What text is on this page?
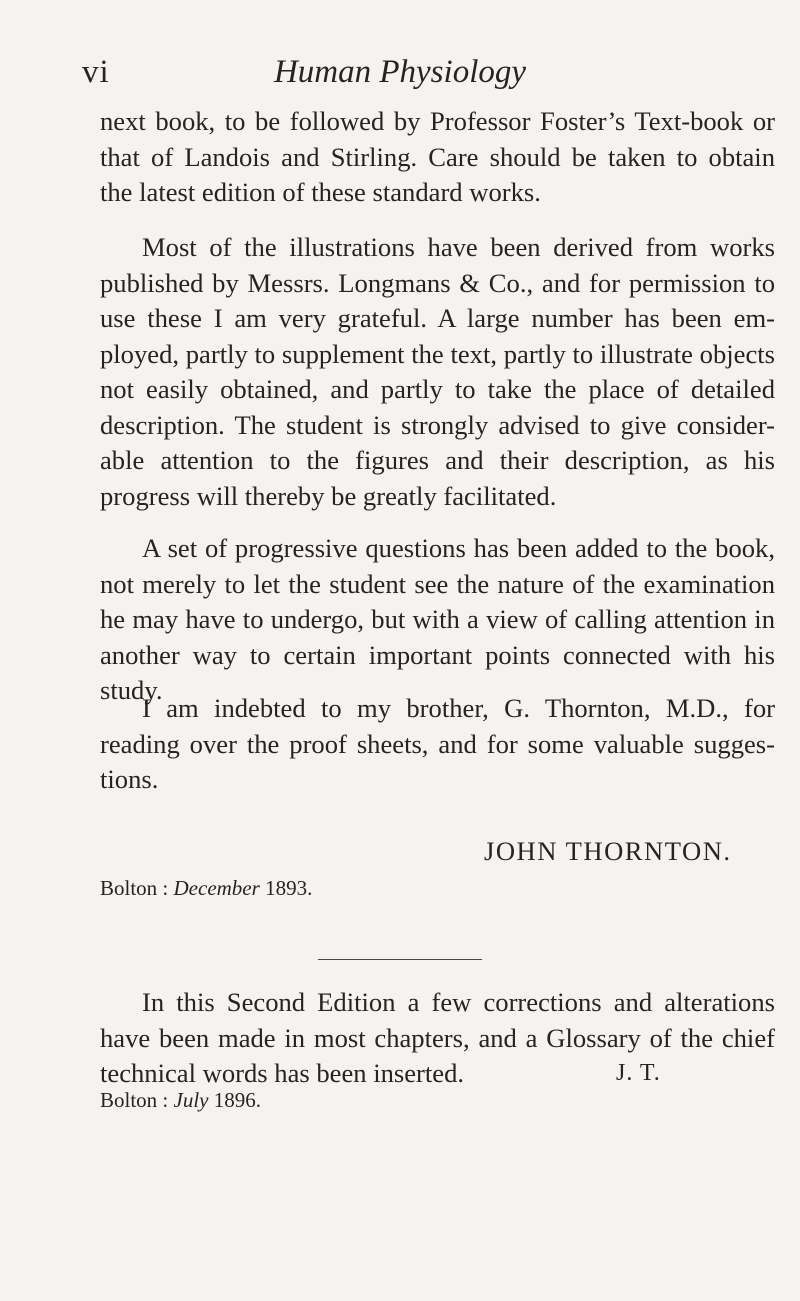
vi	Human Physiology

next book, to be followed by Professor Foster’s Text-book or
that of Landois and Stirling. Care should be taken to obtain
the latest edition of these standard works.

Most of the illustrations have been derived from works
published by Messrs. Longmans & Co., and for permission to
use these I am very grateful. A large number has been em-
ployed, partly to supplement the text, partly to illustrate objects
not easily obtained, and partly to take the place of detailed
description. The student is strongly advised to give consider-
able attention to the figures and their description, as his
progress will thereby be greatly facilitated.

A set of progressive questions has been added to the book,
not merely to let the student see the nature of the examination
he may have to undergo, but with a view of calling attention in
another way to certain important points connected with his
study.

I am indebted to my brother, G. Thornton, M.D., for
reading over the proof sheets, and for some valuable sugges-
tions.

JOHN THORNTON.
Bolton : December 1893.

In this Second Edition a few corrections and alterations
have been made in most chapters, and a Glossary of the chief
technical words has been inserted.	J. T.
Bolton : July 1896.
